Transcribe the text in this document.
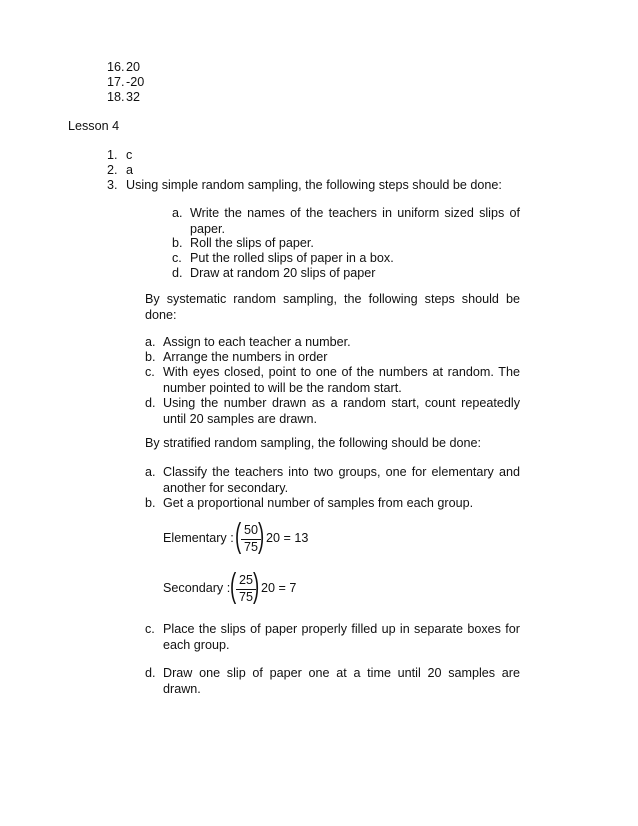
16. 20
17. -20
18. 32
Lesson 4
1. c
2. a
3. Using simple random sampling, the following steps should be done:
a. Write the names of the teachers in uniform sized slips of paper.
b. Roll the slips of paper.
c. Put the rolled slips of paper in a box.
d. Draw at random 20 slips of paper
By systematic random sampling, the following steps should be done:
a. Assign to each teacher a number.
b. Arrange the numbers in order
c. With eyes closed, point to one of the numbers at random. The number pointed to will be the random start.
d. Using the number drawn as a random start, count repeatedly until 20 samples are drawn.
By stratified random sampling, the following should be done:
a. Classify the teachers into two groups, one for elementary and another for secondary.
b. Get a proportional number of samples from each group.
Elementary : ( 50
75 ) 20 = 13
Secondary : ( 25
75 ) 20 = 7
c. Place the slips of paper properly filled up in separate boxes for each group.
d. Draw one slip of paper one at a time until 20 samples are drawn.
